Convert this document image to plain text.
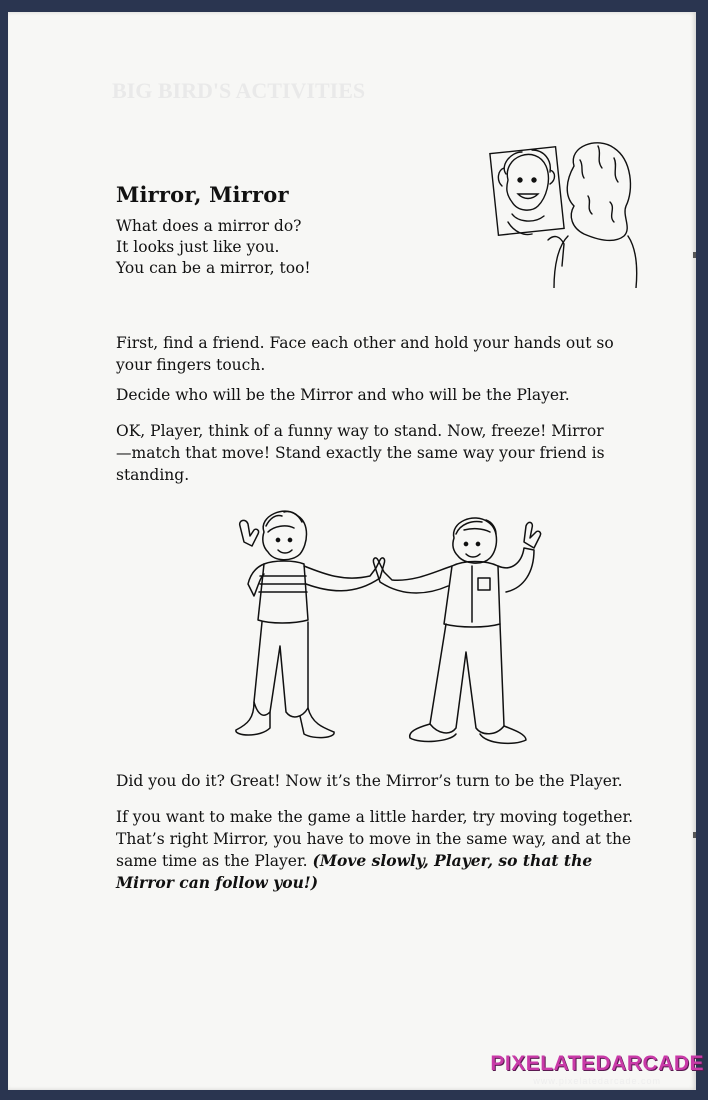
BIG BIRD'S ACTIVITIES
Mirror, Mirror
What does a mirror do?
It looks just like you.
You can be a mirror, too!
First, find a friend. Face each other and hold your hands out so your fingers touch.
Decide who will be the Mirror and who will be the Player.
OK, Player, think of a funny way to stand. Now, freeze! Mirror—match that move! Stand exactly the same way your friend is standing.
Did you do it? Great! Now it’s the Mirror’s turn to be the Player.
If you want to make the game a little harder, try moving together. That’s right Mirror, you have to move in the same way, and at the same time as the Player. (Move slowly, Player, so that the Mirror can follow you!)
PIXELATEDARCADE
www.pixelatedarcade.com
